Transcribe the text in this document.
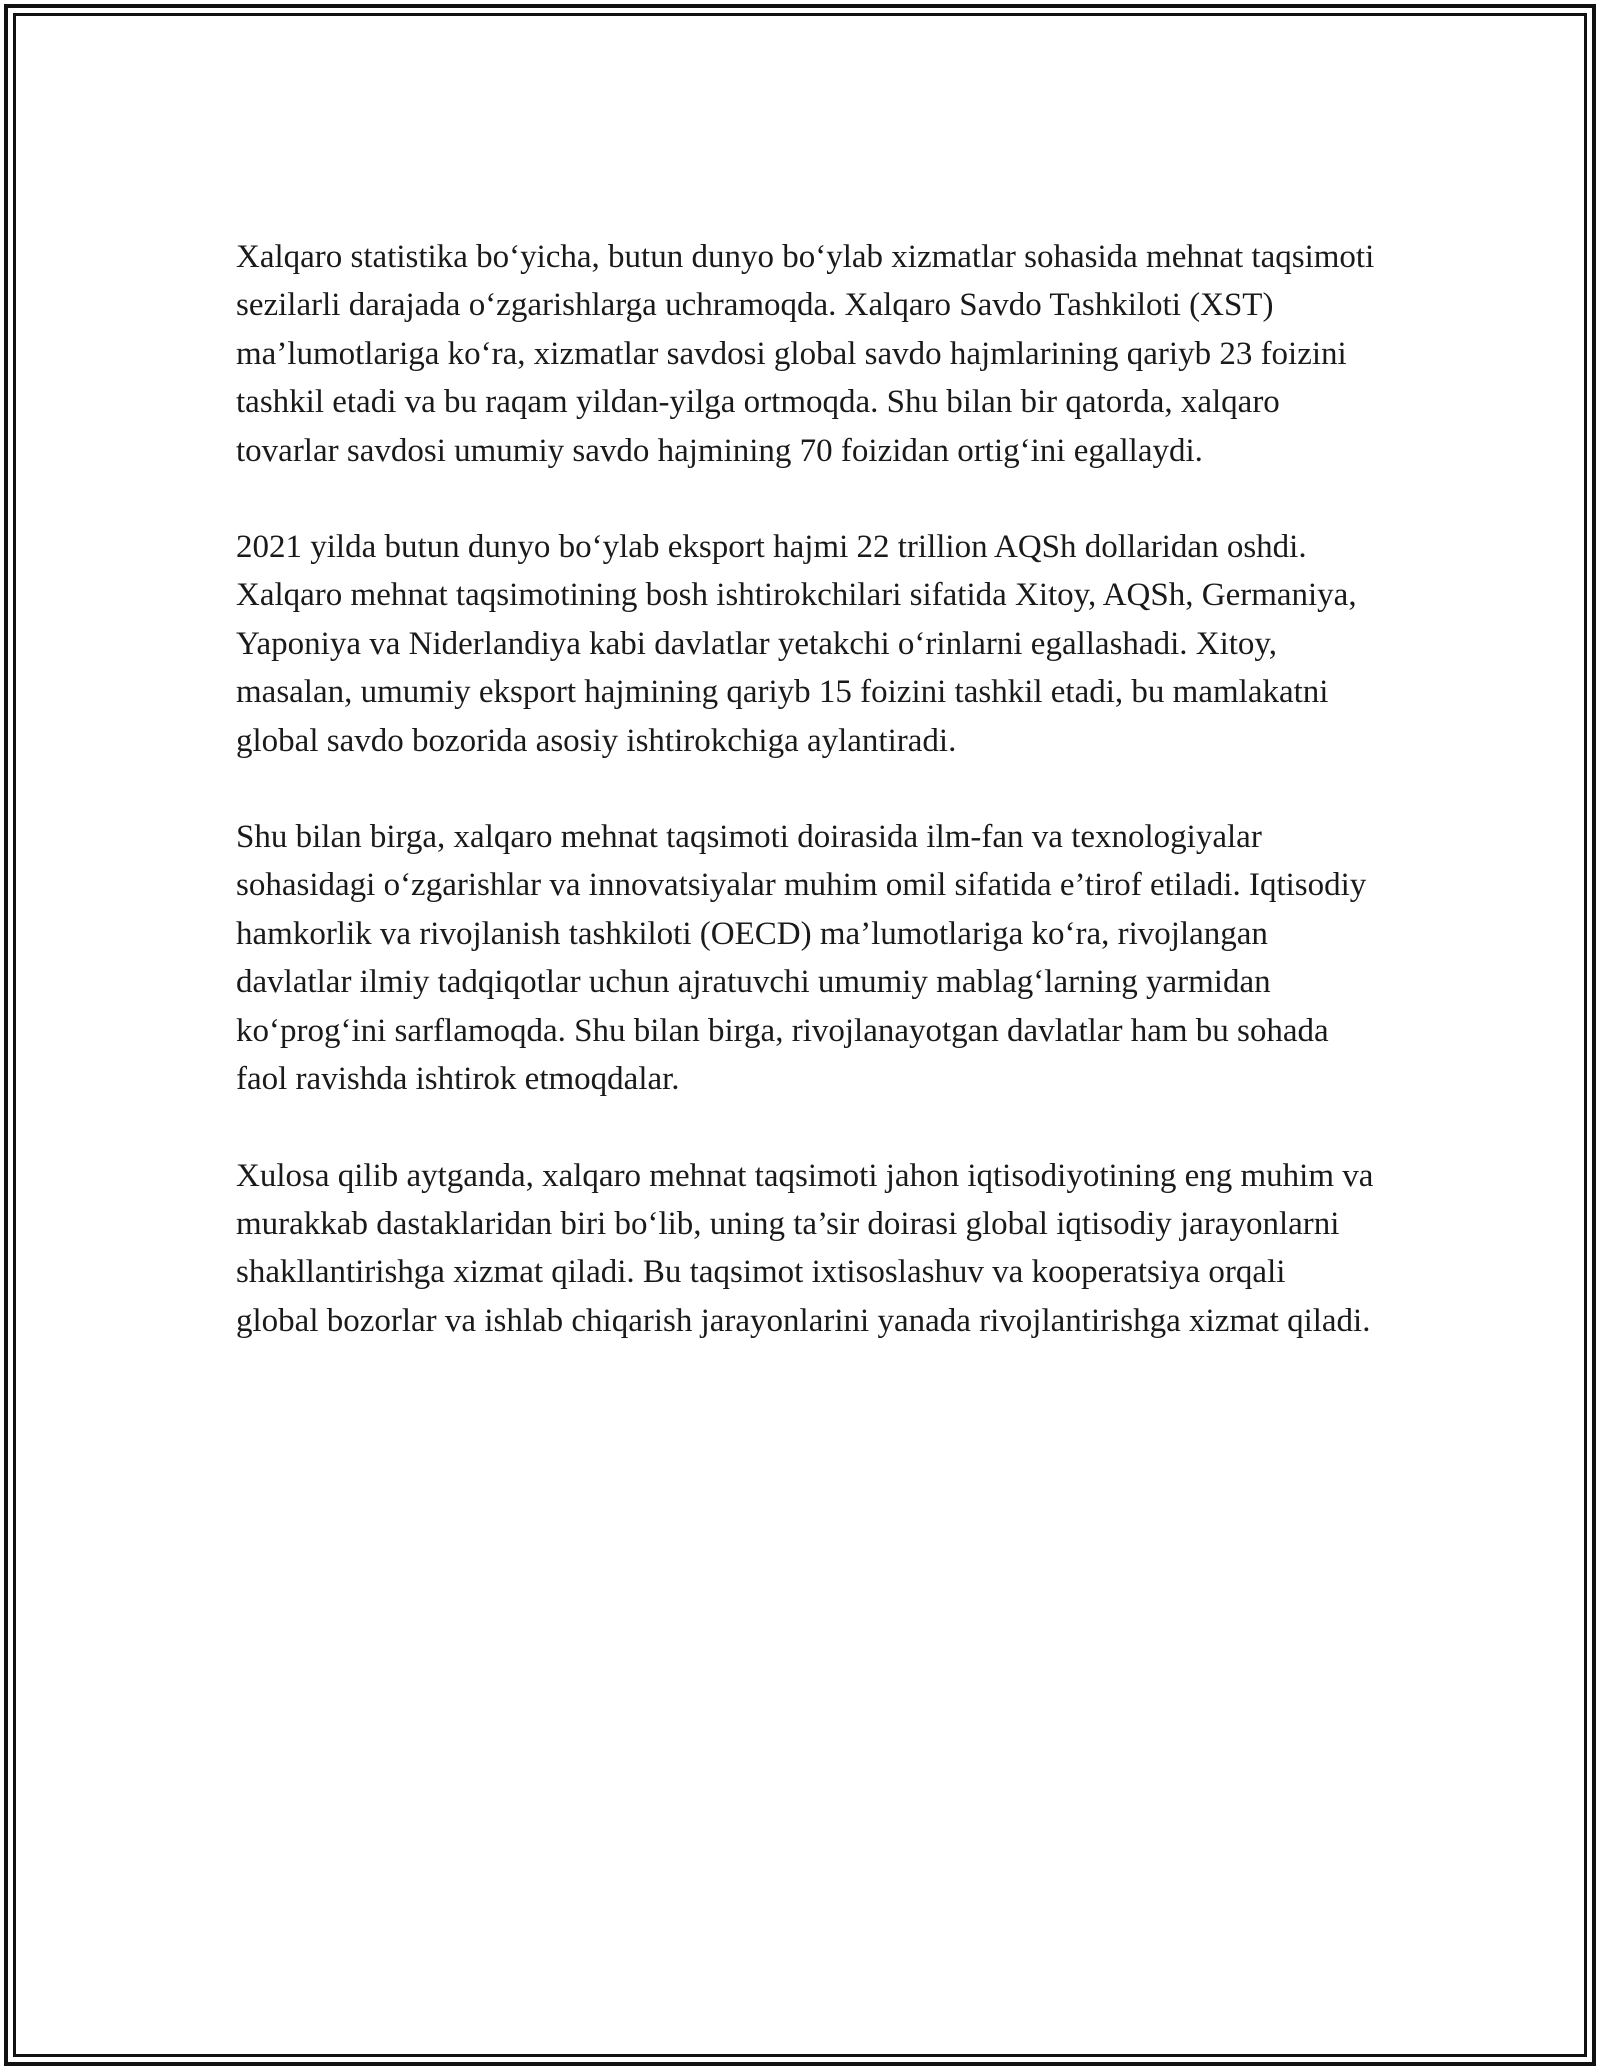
Xalqaro statistika bo‘yicha, butun dunyo bo‘ylab xizmatlar sohasida mehnat taqsimoti sezilarli darajada o‘zgarishlarga uchramoqda. Xalqaro Savdo Tashkiloti (XST) ma’lumotlariga ko‘ra, xizmatlar savdosi global savdo hajmlarining qariyb 23 foizini tashkil etadi va bu raqam yildan-yilga ortmoqda. Shu bilan bir qatorda, xalqaro tovarlar savdosi umumiy savdo hajmining 70 foizidan ortig‘ini egallaydi.

2021 yilda butun dunyo bo‘ylab eksport hajmi 22 trillion AQSh dollaridan oshdi. Xalqaro mehnat taqsimotining bosh ishtirokchilari sifatida Xitoy, AQSh, Germaniya, Yaponiya va Niderlandiya kabi davlatlar yetakchi o‘rinlarni egallashadi. Xitoy, masalan, umumiy eksport hajmining qariyb 15 foizini tashkil etadi, bu mamlakatni global savdo bozorida asosiy ishtirokchiga aylantiradi.

Shu bilan birga, xalqaro mehnat taqsimoti doirasida ilm-fan va texnologiyalar sohasidagi o‘zgarishlar va innovatsiyalar muhim omil sifatida e’tirof etiladi. Iqtisodiy hamkorlik va rivojlanish tashkiloti (OECD) ma’lumotlariga ko‘ra, rivojlangan davlatlar ilmiy tadqiqotlar uchun ajratuvchi umumiy mablag‘larning yarmidan ko‘prog‘ini sarflamoqda. Shu bilan birga, rivojlanayotgan davlatlar ham bu sohada faol ravishda ishtirok etmoqdalar.

Xulosa qilib aytganda, xalqaro mehnat taqsimoti jahon iqtisodiyotining eng muhim va murakkab dastaklaridan biri bo‘lib, uning ta’sir doirasi global iqtisodiy jarayonlarni shakllantirishga xizmat qiladi. Bu taqsimot ixtisoslashuv va kooperatsiya orqali global bozorlar va ishlab chiqarish jarayonlarini yanada rivojlantirishga xizmat qiladi.
